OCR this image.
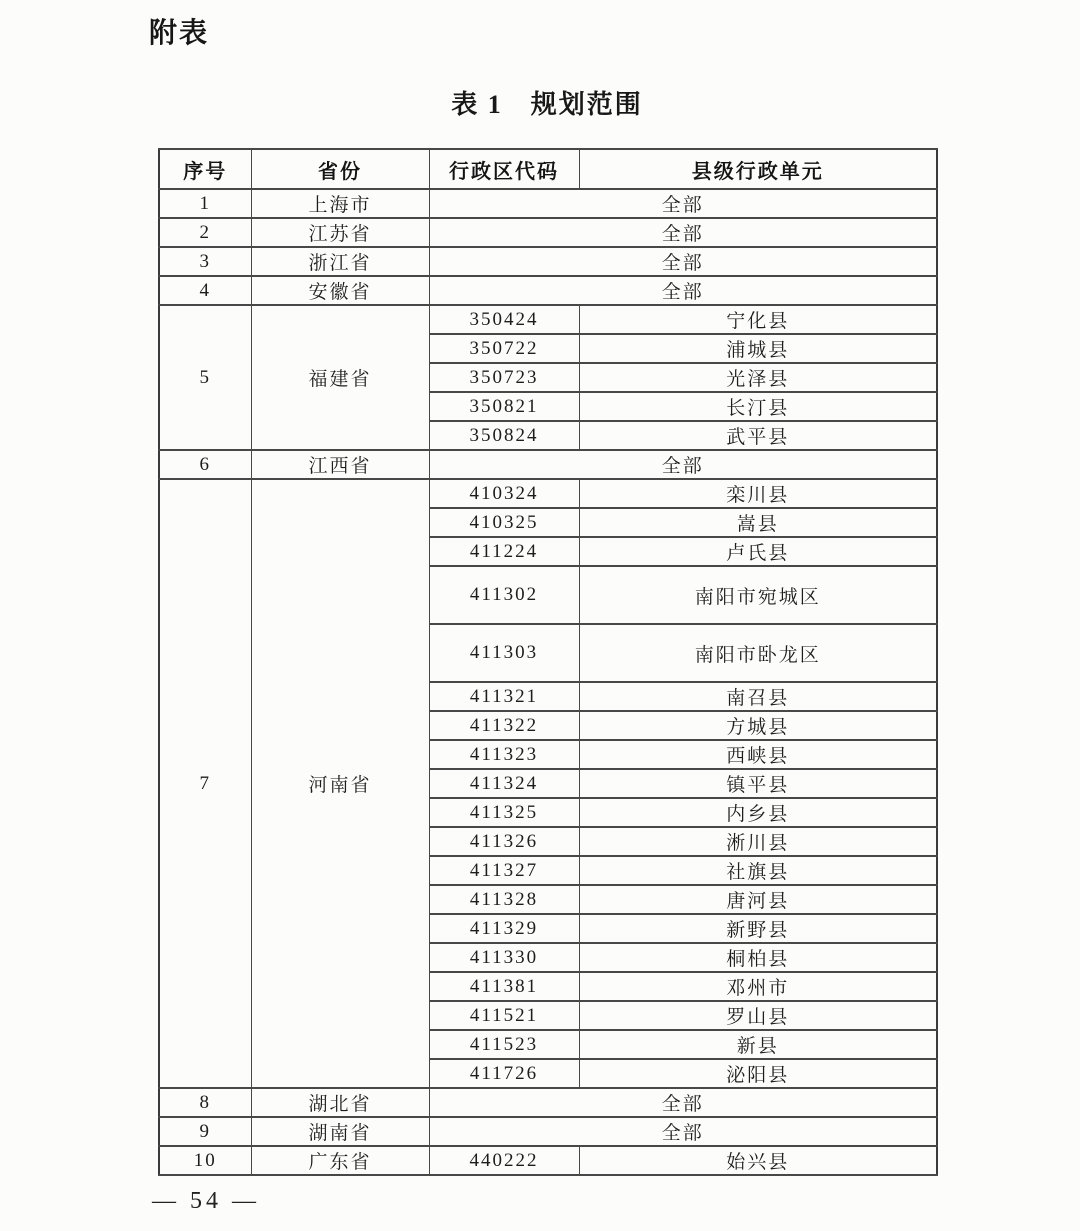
附表
表 1　规划范围
序号	省份	行政区代码	县级行政单元
1	上海市	全部	
2	江苏省	全部	
3	浙江省	全部	
4	安徽省	全部	
5	福建省	350424	宁化县
		350722	浦城县
		350723	光泽县
		350821	长汀县
		350824	武平县
6	江西省	全部	
7	河南省	410324	栾川县
		410325	嵩县
		411224	卢氏县
		411302	南阳市宛城区
		411303	南阳市卧龙区
		411321	南召县
		411322	方城县
		411323	西峡县
		411324	镇平县
		411325	内乡县
		411326	淅川县
		411327	社旗县
		411328	唐河县
		411329	新野县
		411330	桐柏县
		411381	邓州市
		411521	罗山县
		411523	新县
		411726	泌阳县
8	湖北省	全部	
9	湖南省	全部	
10	广东省	440222	始兴县
— 54 —
